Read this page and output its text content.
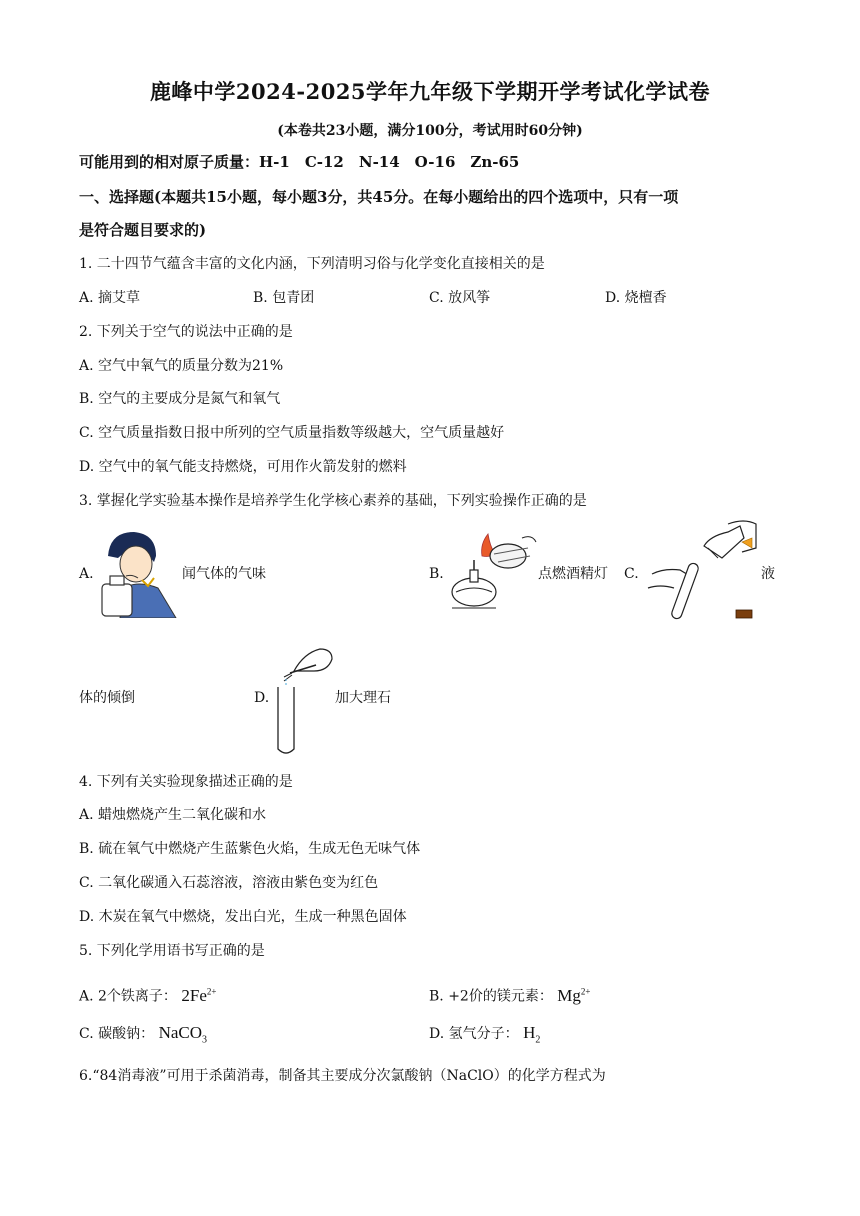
鹿峰中学2024-2025学年九年级下学期开学考试化学试卷
(本卷共23小题，满分100分，考试用时60分钟)
可能用到的相对原子质量：H-1　C-12　N-14　O-16　Zn-65
一、选择题(本题共15小题，每小题3分，共45分。在每小题给出的四个选项中，只有一项
是符合题目要求的)
1. 二十四节气蕴含丰富的文化内涵，下列清明习俗与化学变化直接相关的是
A. 摘艾草	B. 包青团	C. 放风筝	D. 烧檀香
2. 下列关于空气的说法中正确的是
A. 空气中氧气的质量分数为21%
B. 空气的主要成分是氮气和氧气
C. 空气质量指数日报中所列的空气质量指数等级越大，空气质量越好
D. 空气中的氧气能支持燃烧，可用作火箭发射的燃料
3. 掌握化学实验基本操作是培养学生化学核心素养的基础，下列实验操作正确的是
A.	闻气体的气味	B.	点燃酒精灯 C.	液
体的倾倒	D.	加大理石
4. 下列有关实验现象描述正确的是
A. 蜡烛燃烧产生二氧化碳和水
B. 硫在氧气中燃烧产生蓝紫色火焰，生成无色无味气体
C. 二氧化碳通入石蕊溶液，溶液由紫色变为红色
D. 木炭在氧气中燃烧，发出白光，生成一种黑色固体
5. 下列化学用语书写正确的是
A. 2个铁离子： $2Fe^{2+}$	B. +2价的镁元素： $Mg^{2+}$
C. 碳酸钠： NaCO$_3$	D. 氢气分子： $H_2$
6.“84消毒液”可用于杀菌消毒，制备其主要成分次氯酸钠（NaClO）的化学方程式为
